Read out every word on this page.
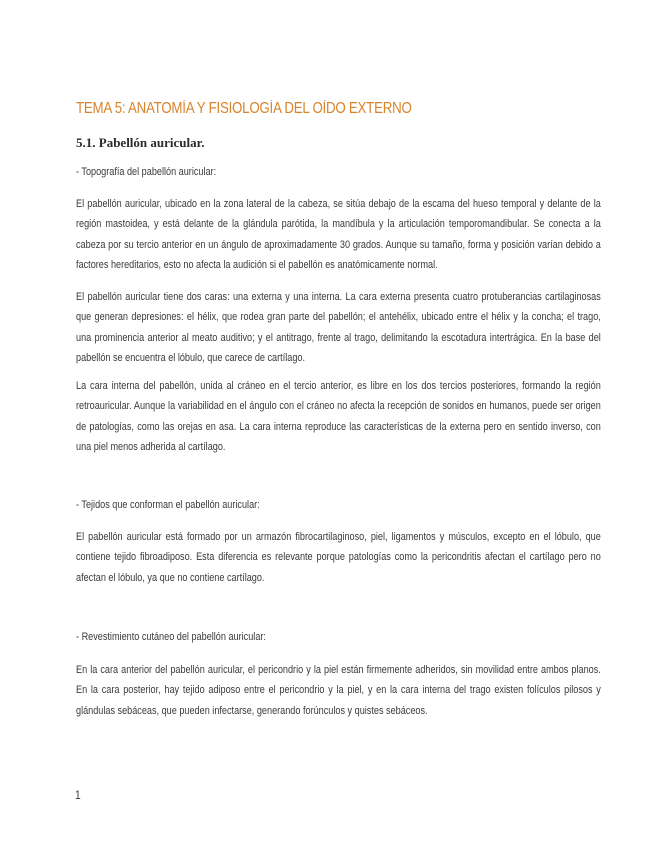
TEMA 5: ANATOMÍA Y FISIOLOGÍA DEL OÍDO EXTERNO
5.1. Pabellón auricular.
- Topografía del pabellón auricular:

El pabellón auricular, ubicado en la zona lateral de la cabeza, se sitúa debajo de la escama del hueso temporal y delante de la región mastoidea, y está delante de la glándula parótida, la mandíbula y la articulación temporomandibular. Se conecta a la cabeza por su tercio anterior en un ángulo de aproximadamente 30 grados. Aunque su tamaño, forma y posición varían debido a factores hereditarios, esto no afecta la audición si el pabellón es anatómicamente normal.

El pabellón auricular tiene dos caras: una externa y una interna. La cara externa presenta cuatro protuberancias cartilaginosas que generan depresiones: el hélix, que rodea gran parte del pabellón; el antehélix, ubicado entre el hélix y la concha; el trago, una prominencia anterior al meato auditivo; y el antitrago, frente al trago, delimitando la escotadura intertrágica. En la base del pabellón se encuentra el lóbulo, que carece de cartílago.

La cara interna del pabellón, unida al cráneo en el tercio anterior, es libre en los dos tercios posteriores, formando la región retroauricular. Aunque la variabilidad en el ángulo con el cráneo no afecta la recepción de sonidos en humanos, puede ser origen de patologías, como las orejas en asa. La cara interna reproduce las características de la externa pero en sentido inverso, con una piel menos adherida al cartílago.

- Tejidos que conforman el pabellón auricular:

El pabellón auricular está formado por un armazón fibrocartilaginoso, piel, ligamentos y músculos, excepto en el lóbulo, que contiene tejido fibroadiposo. Esta diferencia es relevante porque patologías como la pericondritis afectan el cartílago pero no afectan el lóbulo, ya que no contiene cartílago.

- Revestimiento cutáneo del pabellón auricular:

En la cara anterior del pabellón auricular, el pericondrio y la piel están firmemente adheridos, sin movilidad entre ambos planos. En la cara posterior, hay tejido adiposo entre el pericondrio y la piel, y en la cara interna del trago existen folículos pilosos y glándulas sebáceas, que pueden infectarse, generando forúnculos y quistes sebáceos.

1
